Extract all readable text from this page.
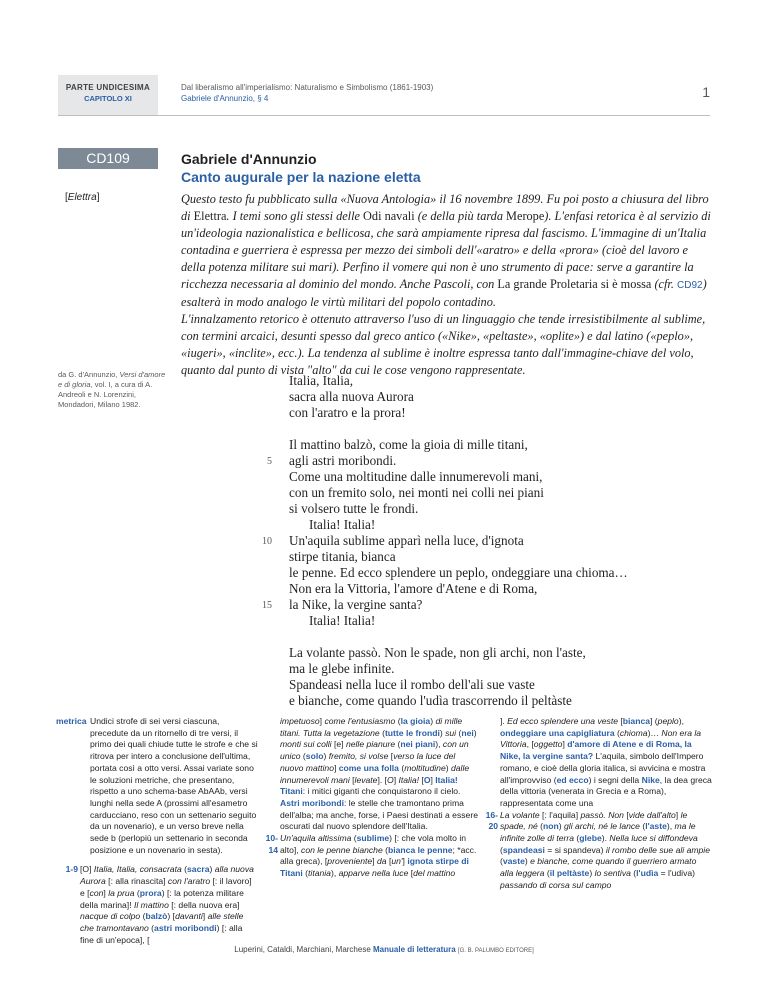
PARTE UNDICESIMA
CAPITOLO XI
Dal liberalismo all'imperialismo: Naturalismo e Simbolismo (1861-1903)
Gabriele d'Annunzio, § 4	1
CD109
[Elettra]
Gabriele d'Annunzio
Canto augurale per la nazione eletta

Questo testo fu pubblicato sulla «Nuova Antologia» il 16 novembre 1899. Fu poi posto a chiusura del libro di Elettra. I temi sono gli stessi delle Odi navali (e della più tarda Merope). L'enfasi retorica è al servizio di un'ideologia nazionalistica e bellicosa, che sarà ampiamente ripresa dal fascismo. L'immagine di un'Italia contadina e guerriera è espressa per mezzo dei simboli dell'«aratro» e della «prora» (cioè del lavoro e della potenza militare sui mari). Perfino il vomere qui non è uno strumento di pace: serve a garantire la ricchezza necessaria al dominio del mondo. Anche Pascoli, con La grande Proletaria si è mossa (cfr. CD92) esalterà in modo analogo le virtù militari del popolo contadino.

L'innalzamento retorico è ottenuto attraverso l'uso di un linguaggio che tende irresistibilmente al sublime, con termini arcaici, desunti spesso dal greco antico («Nike», «peltaste», «oplite») e dal latino («peplo», «iugeri», «inclite», ecc.). La tendenza al sublime è inoltre espressa tanto dall'immagine-chiave del volo, quanto dal punto di vista "alto" da cui le cose vengono rappresentate.

da G. d'Annunzio, Versi d'amore e di gloria, vol. I, a cura di A. Andreoli e N. Lorenzini, Mondadori, Milano 1982.
Italia, Italia,
sacra alla nuova Aurora
con l'aratro e la prora!
Il mattino balzò, come la gioia di mille titani,
agli astri moribondi.
Come una moltitudine dalle innumerevoli mani,
con un fremito solo, nei monti nei colli nei piani
si volsero tutte le frondi.
Italia! Italia!
Un'aquila sublime apparì nella luce, d'ignota
stirpe titania, bianca
le penne. Ed ecco splendere un peplo, ondeggiare una chioma…
Non era la Vittoria, l'amore d'Atene e di Roma,
la Nike, la vergine santa?
Italia! Italia!
La volante passò. Non le spade, non gli archi, non l'aste,
ma le glebe infinite.
Spandeasi nella luce il rombo dell'ali sue vaste
e bianche, come quando l'udìa trascorrendo il peltàste
5
10
15

metrica Undici strofe di sei versi ciascuna, precedute da un ritornello di tre versi, il primo dei quali chiude tutte le strofe e che si ritrova per intero a conclusione dell'ultima, portata così a otto versi. Assai variate sono le soluzioni metriche, che presentano, rispetto a uno schema-base AbAAb, versi lunghi nella sede A (prossimi all'esametro carducciano, reso con un settenario seguito da un novenario), e un verso breve nella sede b (perlopiù un settenario in seconda posizione e un novenario in sesta).

1-9 [O] Italia, Italia, consacrata (sacra) alla nuova Aurora [: alla rinascita] con l'aratro [: il lavoro] e [con] la prua (prora) [: la potenza militare della marina]! Il mattino [: della nuova era] nacque di colpo (balzò) [davanti] alle stelle che tramontavano (astri moribondi) [: alla fine di un'epoca], [

impetuoso] come l'entusiasmo (la gioia) di mille titani. Tutta la vegetazione (tutte le frondi) sui (nei) monti sui colli [e] nelle pianure (nei piani), con un unico (solo) fremito, si volse [verso la luce del nuovo mattino] come una folla (moltitudine) dalle innumerevoli mani [levate]. [O] Italia! [O] Italia! Titani: i mitici giganti che conquistarono il cielo. Astri moribondi: le stelle che tramontano prima dell'alba; ma anche, forse, i Paesi destinati a essere oscurati dal nuovo splendore dell'Italia.

10-14
Un'aquila altissima (sublime) [: che vola molto in alto], con le penne bianche (bianca le penne; *acc. alla greca), [proveniente] da [un'] ignota stirpe di Titani (titania), apparve nella luce [del mattino

]. Ed ecco splendere una veste [bianca] (peplo), ondeggiare una capigliatura (chioma)… Non era la Vittoria, [oggetto] d'amore di Atene e di Roma, la Nike, la vergine santa? L'aquila, simbolo dell'Impero romano, e cioè della gloria italica, si avvicina e mostra all'improvviso (ed ecco) i segni della Nike, la dea greca della vittoria (venerata in Grecia e a Roma), rappresentata come una

16-20
La volante [: l'aquila] passò. Non [vide dall'alto] le spade, né (non) gli archi, né le lance (l'aste), ma le infinite zolle di terra (glebe). Nella luce si diffondeva (spandeasi = si spandeva) il rombo delle sue ali ampie (vaste) e bianche, come quando il guerriero armato alla leggera (il peltàste) lo sentiva (l'udìa = l'udiva) passando di corsa sul campo

Luperini, Cataldi, Marchiani, Marchese Manuale di letteratura [G. B. PALUMBO EDITORE]
